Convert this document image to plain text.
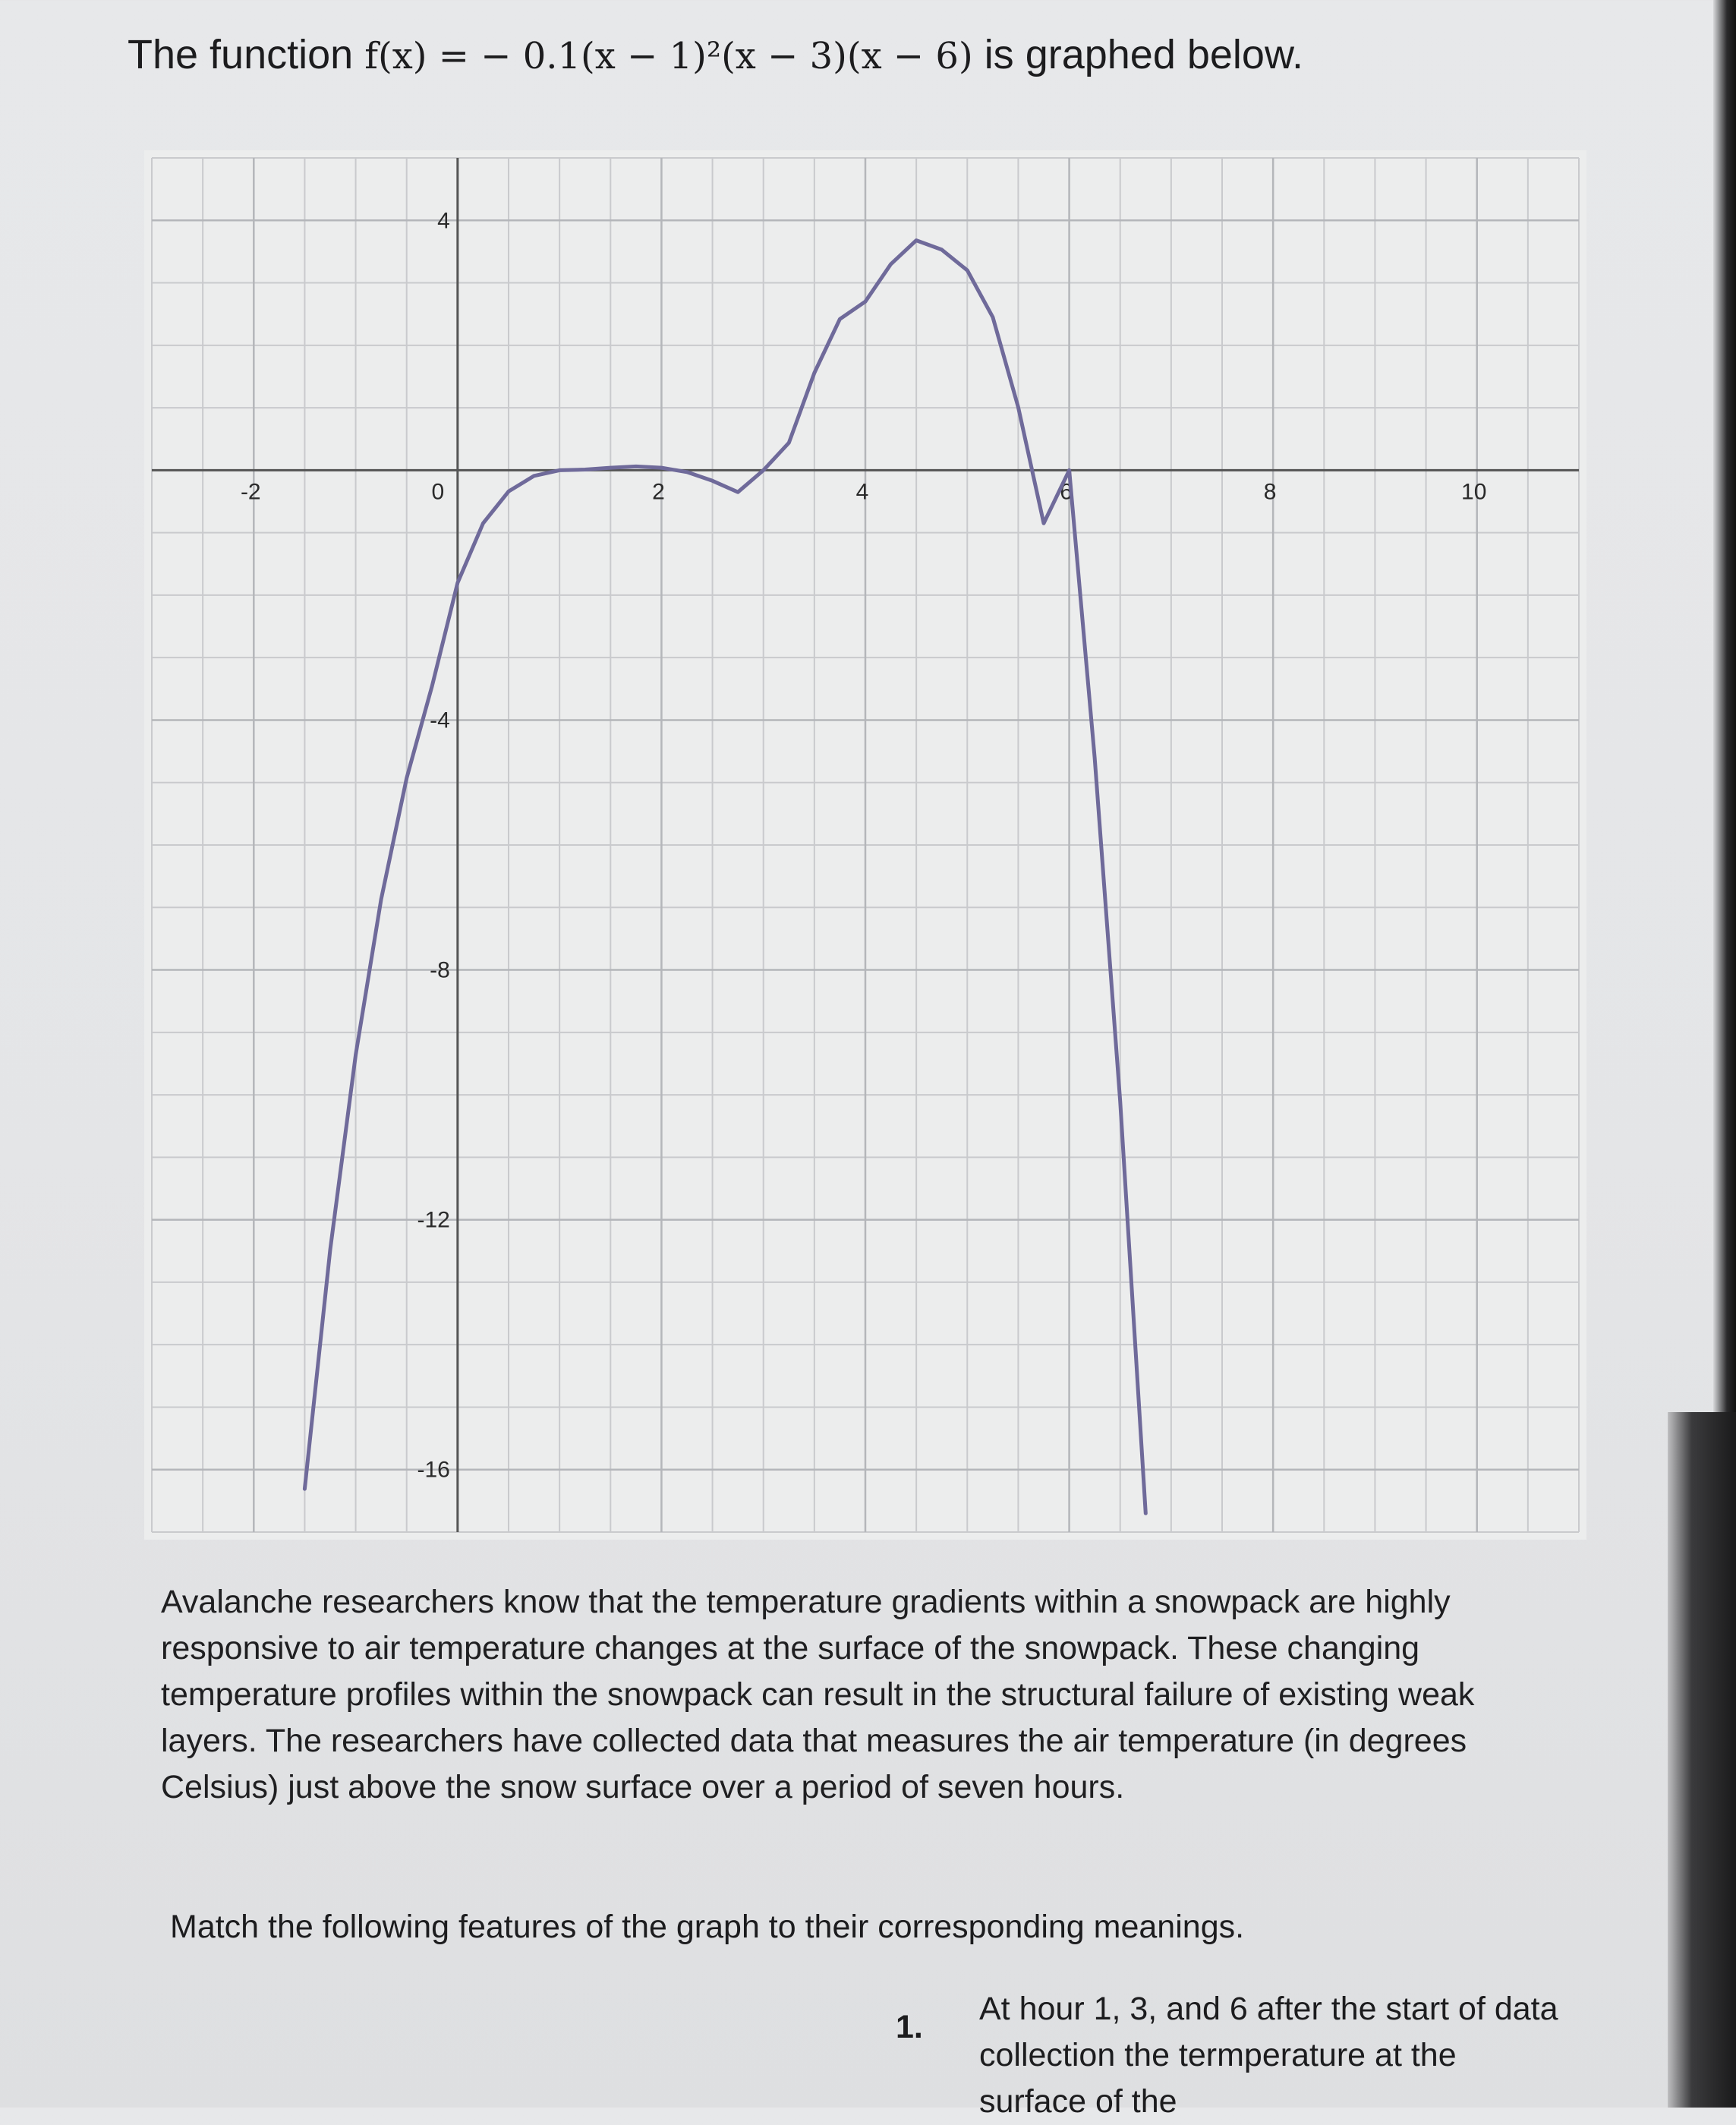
The function f(x) = − 0.1(x − 1)²(x − 3)(x − 6) is graphed below.
-2	0	2	4	6	8	10
4
-4
-8
-12
-16
Avalanche researchers know that the temperature gradients within a snowpack are highly responsive to air temperature changes at the surface of the snowpack. These changing temperature profiles within the snowpack can result in the structural failure of existing weak layers. The researchers have collected data that measures the air temperature (in degrees Celsius) just above the snow surface over a period of seven hours.
Match the following features of the graph to their corresponding meanings.
1. At hour 1, 3, and 6 after the start of data collection the termperature at the surface of the
